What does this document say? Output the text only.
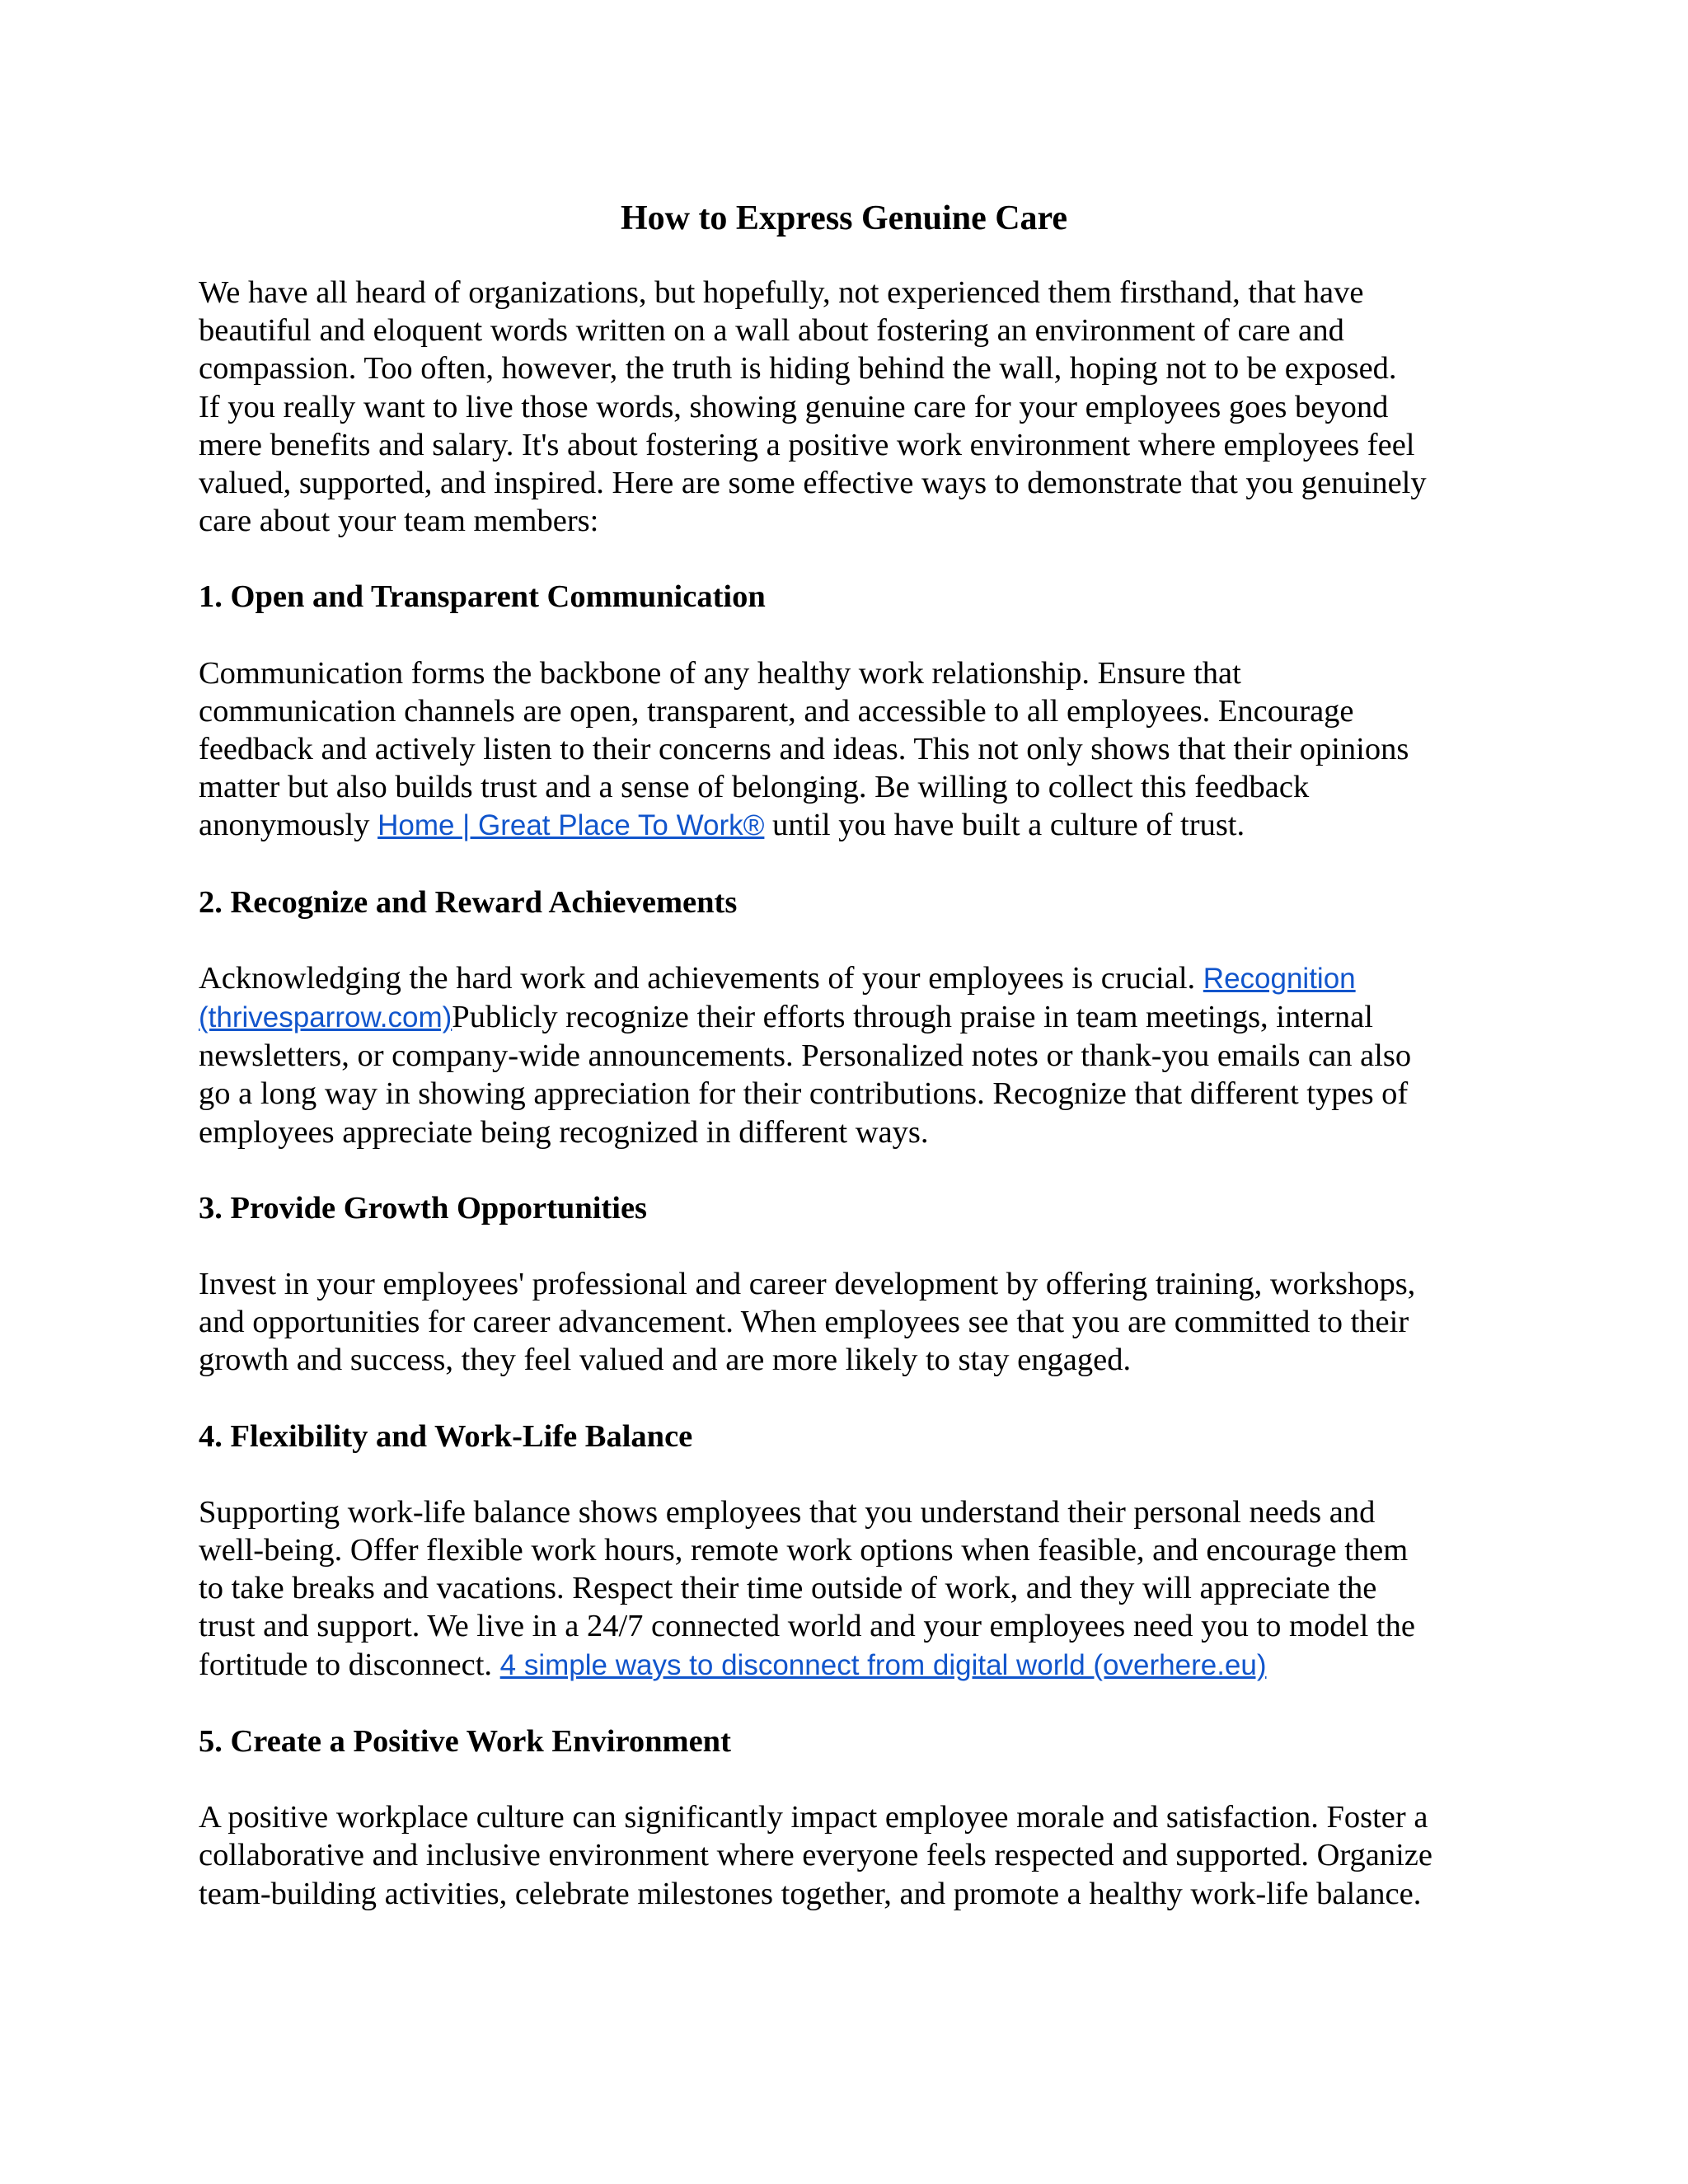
How to Express Genuine Care

We have all heard of organizations, but hopefully, not experienced them firsthand, that have
beautiful and eloquent words written on a wall about fostering an environment of care and
compassion. Too often, however, the truth is hiding behind the wall, hoping not to be exposed.
If you really want to live those words, showing genuine care for your employees goes beyond
mere benefits and salary. It's about fostering a positive work environment where employees feel
valued, supported, and inspired. Here are some effective ways to demonstrate that you genuinely
care about your team members:

1. Open and Transparent Communication

Communication forms the backbone of any healthy work relationship. Ensure that
communication channels are open, transparent, and accessible to all employees. Encourage
feedback and actively listen to their concerns and ideas. This not only shows that their opinions
matter but also builds trust and a sense of belonging. Be willing to collect this feedback
anonymously Home | Great Place To Work® until you have built a culture of trust.

2. Recognize and Reward Achievements

Acknowledging the hard work and achievements of your employees is crucial. Recognition
(thrivesparrow.com)Publicly recognize their efforts through praise in team meetings, internal
newsletters, or company-wide announcements. Personalized notes or thank-you emails can also
go a long way in showing appreciation for their contributions. Recognize that different types of
employees appreciate being recognized in different ways.

3. Provide Growth Opportunities

Invest in your employees' professional and career development by offering training, workshops,
and opportunities for career advancement. When employees see that you are committed to their
growth and success, they feel valued and are more likely to stay engaged.

4. Flexibility and Work-Life Balance

Supporting work-life balance shows employees that you understand their personal needs and
well-being. Offer flexible work hours, remote work options when feasible, and encourage them
to take breaks and vacations. Respect their time outside of work, and they will appreciate the
trust and support. We live in a 24/7 connected world and your employees need you to model the
fortitude to disconnect. 4 simple ways to disconnect from digital world (overhere.eu)

5. Create a Positive Work Environment

A positive workplace culture can significantly impact employee morale and satisfaction. Foster a
collaborative and inclusive environment where everyone feels respected and supported. Organize
team-building activities, celebrate milestones together, and promote a healthy work-life balance.
